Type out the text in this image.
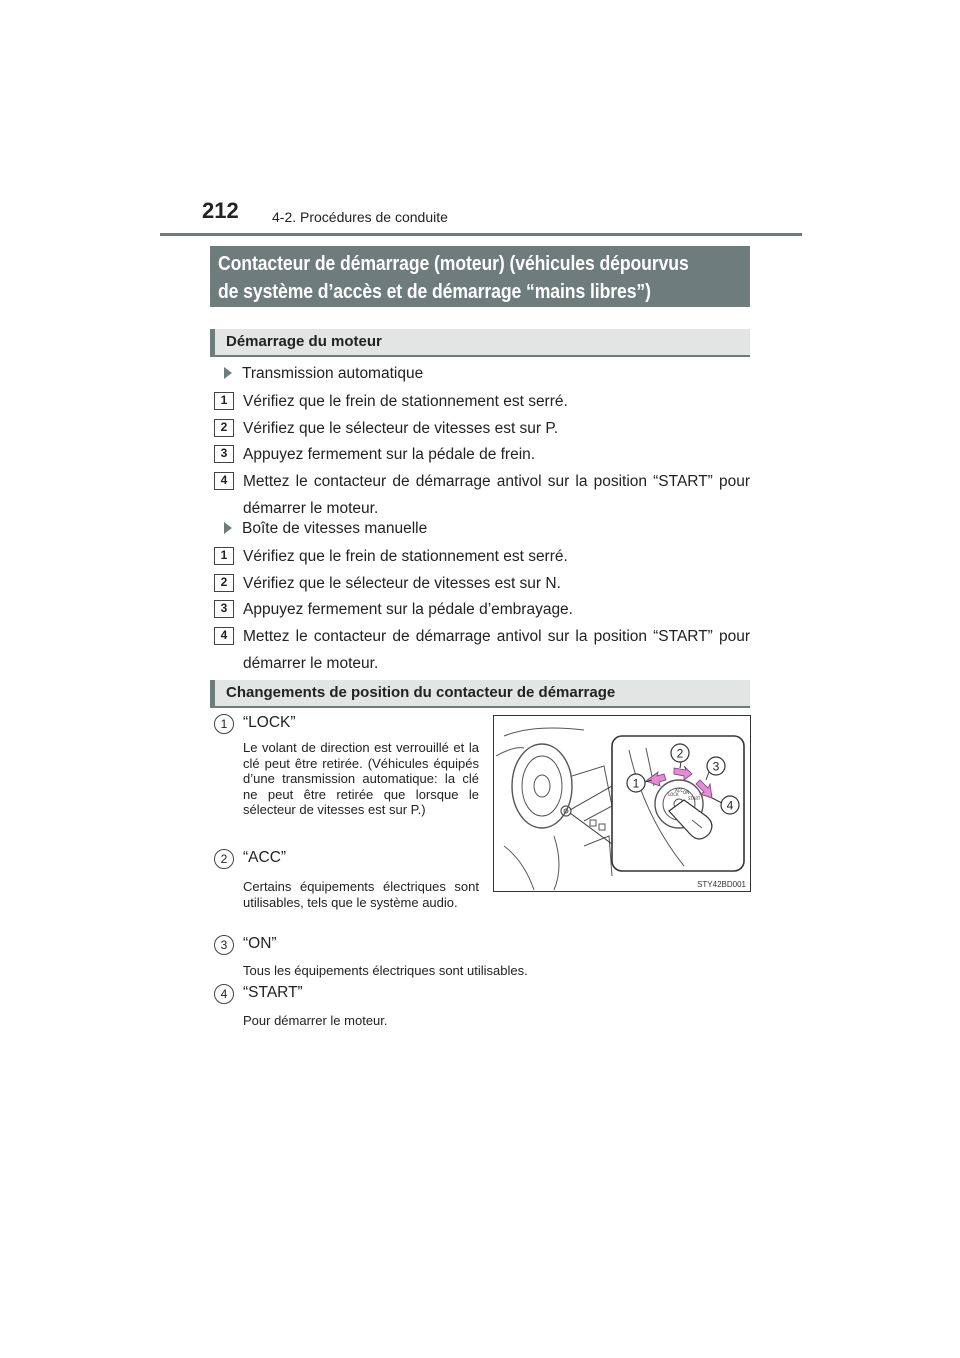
212 4-2. Procédures de conduite
Contacteur de démarrage (moteur) (véhicules dépourvus
de système d’accès et de démarrage “mains libres”)
Démarrage du moteur
Transmission automatique
1	Vérifiez que le frein de stationnement est serré.
2	Vérifiez que le sélecteur de vitesses est sur P.
3	Appuyez fermement sur la pédale de frein.
4	Mettez le contacteur de démarrage antivol sur la position “START” pour démarrer le moteur.
Boîte de vitesses manuelle
1	Vérifiez que le frein de stationnement est serré.
2	Vérifiez que le sélecteur de vitesses est sur N.
3	Appuyez fermement sur la pédale d’embrayage.
4	Mettez le contacteur de démarrage antivol sur la position “START” pour démarrer le moteur.
Changements de position du contacteur de démarrage
1	“LOCK”
Le volant de direction est verrouillé et la clé peut être retirée. (Véhicules équipés d’une transmission automatique: la clé ne peut être retirée que lorsque le sélecteur de vitesses est sur P.)
2	“ACC”
Certains équipements électriques sont utilisables, tels que le système audio.
3	“ON”
Tous les équipements électriques sont utilisables.
4	“START”
Pour démarrer le moteur.
LOCK
ACC ON
START
1
2
3
4
STY42BD001
